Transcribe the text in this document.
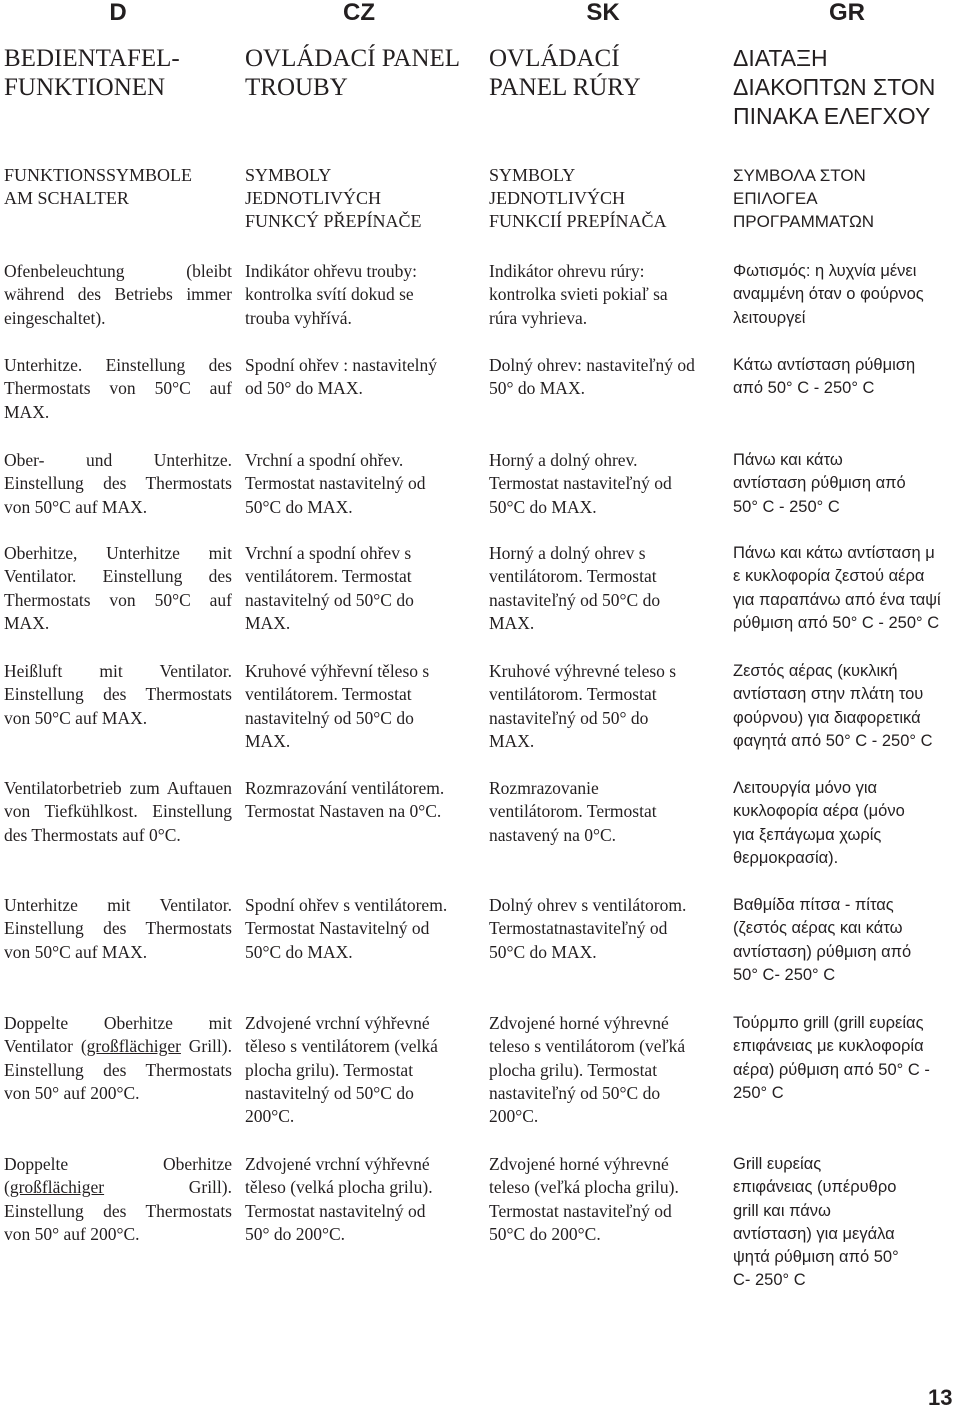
D
BEDIENTAFEL-
FUNKTIONEN
FUNKTIONSSYMBOLE
AM SCHALTER
Ofenbeleuchtung (bleibt während des Betriebs immer eingeschaltet).
Unterhitze. Einstellung des Thermostats von 50°C auf MAX.
Ober- und Unterhitze. Einstellung des Thermostats von 50°C auf MAX.
Oberhitze, Unterhitze mit Ventilator. Einstellung des Thermostats von 50°C auf MAX.
Heißluft mit Ventilator. Einstellung des Thermostats von 50°C auf MAX.
Ventilatorbetrieb zum Auftauen von Tiefkühlkost. Einstellung des Thermostats auf 0°C.
Unterhitze mit Ventilator. Einstellung des Thermostats von 50°C auf MAX.
Doppelte Oberhitze mit Ventilator (großflächiger Grill). Einstellung des Thermostats von 50° auf 200°C.
Doppelte Oberhitze (großflächiger Grill). Einstellung des Thermostats von 50° auf 200°C.
CZ
OVLÁDACÍ PANEL
TROUBY
SYMBOLY
JEDNOTLIVÝCH
FUNKCÝ PŘEPÍNAČE
Indikátor ohřevu trouby:
kontrolka svítí dokud se
trouba vyhřívá.
Spodní ohřev : nastavitelný
od 50° do MAX.
Vrchní a spodní ohřev.
Termostat nastavitelný od
50°C do MAX.
Vrchní a spodní ohřev s
ventilátorem. Termostat
nastavitelný od 50°C do
MAX.
Kruhové výhřevní těleso s
ventilátorem. Termostat
nastavitelný od 50°C do
MAX.
Rozmrazování ventilátorem.
Termostat Nastaven na 0°C.
Spodní ohřev s ventilátorem.
Termostat Nastavitelný od
50°C do MAX.
Zdvojené vrchní výhřevné
těleso s ventilátorem (velká
plocha grilu). Termostat
nastavitelný od 50°C do
200°C.
Zdvojené vrchní výhřevné
těleso (velká plocha grilu).
Termostat nastavitelný od
50° do 200°C.
SK
OVLÁDACÍ
PANEL RÚRY
SYMBOLY
JEDNOTLIVÝCH
FUNKCIÍ PREPÍNAČA
Indikátor ohrevu rúry:
kontrolka svieti pokiaľ sa
rúra vyhrieva.
Dolný ohrev: nastaviteľný od
50° do MAX.
Horný a dolný ohrev.
Termostat nastaviteľný od
50°C do MAX.
Horný a dolný ohrev s
ventilátorom. Termostat
nastaviteľný od 50°C do
MAX.
Kruhové výhrevné teleso s
ventilátorom. Termostat
nastaviteľný od 50° do
MAX.
Rozmrazovanie
ventilátorom. Termostat
nastavený na 0°C.
Dolný ohrev s ventilátorom.
Termostatnastaviteľný od
50°C do MAX.
Zdvojené horné výhrevné
teleso s ventilátorom (veľká
plocha grilu). Termostat
nastaviteľný od 50°C do
200°C.
Zdvojené horné výhrevné
teleso (veľká plocha grilu).
Termostat nastaviteľný od
50°C do 200°C.
GR
ΔΙΑΤΑΞΗ
ΔΙΑΚΟΠΤΩΝ ΣΤΟΝ
ΠΙΝΑΚΑ ΕΛΕΓΧΟΥ
ΣΥΜΒΟΛΑ ΣΤΟΝ
ΕΠΙΛΟΓΕΑ
ΠΡΟΓΡΑΜΜΑΤΩΝ
Φωτισμός: η λυχνία μένει
αναμμένη όταν ο φούρνος
λειτουργεί
Κάτω αντίσταση ρύθμιση
από 50° C - 250° C
Πάνω και κάτω
αντίσταση ρύθμιση από
50° C - 250° C
Πάνω και κάτω αντίσταση μ
ε κυκλοφορία ζεστού αέρα
για παραπάνω από ένα ταψί
ρύθμιση από 50° C - 250° C
Ζεστός αέρας (κυκλική
αντίσταση στην πλάτη του
φούρνου) για διαφορετικά
φαγητά από 50° C - 250° C
Λειτουργία μόνο για
κυκλοφορία αέρα (μόνο
για ξεπάγωμα χωρίς
θερμοκρασία).
Βαθμίδα πίτσα - πίτας
(ζεστός αέρας και κάτω
αντίσταση) ρύθμιση από
50° C- 250° C
Τούρμπο grill (grill ευρείας
επιφάνειας με κυκλοφορία
αέρα) ρύθμιση από 50° C -
250° C
Grill ευρείας
επιφάνειας (υπέρυθρο
grill και πάνω
αντίσταση) για μεγάλα
ψητά ρύθμιση από 50°
C- 250° C
13
